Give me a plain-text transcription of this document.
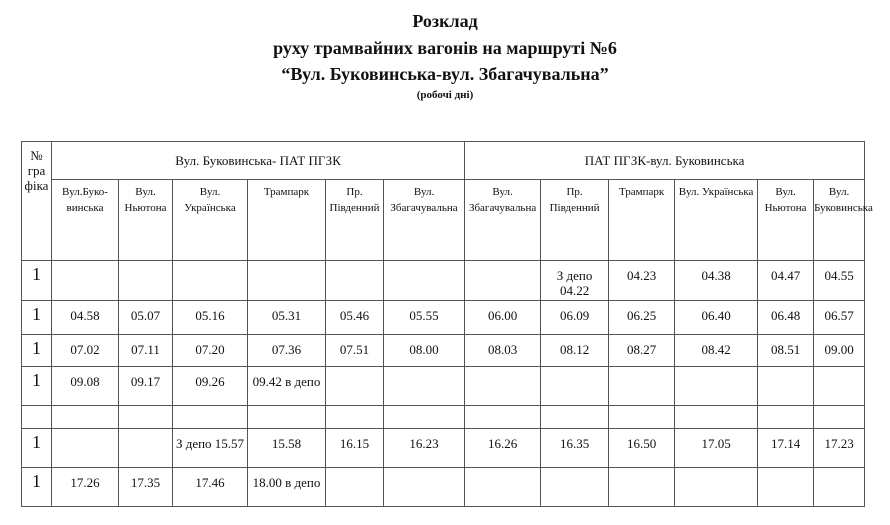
Розклад
руху трамвайних вагонів на маршруті №6
“Вул. Буковинська-вул. Збагачувальна”
(робочі дні)
№ гра фіка	Вул. Буковинська- ПАТ ПГЗК						ПАТ ПГЗК-вул. Буковинська					
	Вул.Буко- винська	Вул. Ньютона	Вул. Українська	Трампарк	Пр. Південний	Вул. Збагачувальна	Вул. Збагачувальна	Пр. Південний	Трампарк	Вул. Українська	Вул. Ньютона	Вул. Буковинська
1								З депо 04.22	04.23	04.38	04.47	04.55
1	04.58	05.07	05.16	05.31	05.46	05.55	06.00	06.09	06.25	06.40	06.48	06.57
1	07.02	07.11	07.20	07.36	07.51	08.00	08.03	08.12	08.27	08.42	08.51	09.00
1	09.08	09.17	09.26	09.42 в депо								

1			З депо 15.57	15.58	16.15	16.23	16.26	16.35	16.50	17.05	17.14	17.23
1	17.26	17.35	17.46	18.00 в депо								
